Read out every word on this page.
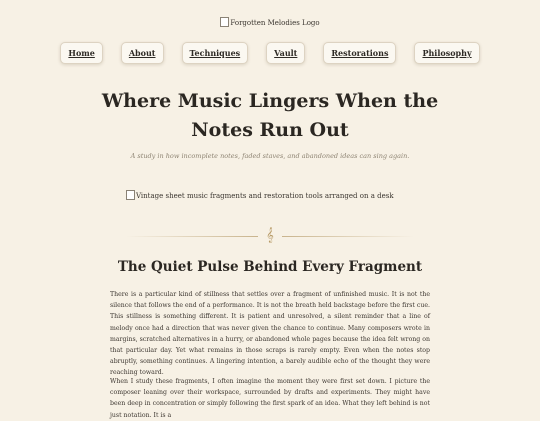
Forgotten Melodies Logo
Home	About	Techniques	Vault	Restorations	Philosophy
Where Music Lingers When the Notes Run Out
A study in how incomplete notes, faded staves, and abandoned ideas can sing again.
Vintage sheet music fragments and restoration tools arranged on a desk
𝄞
The Quiet Pulse Behind Every Fragment

There is a particular kind of stillness that settles over a fragment of unfinished music. It is not the silence that follows the end of a performance. It is not the breath held backstage before the first cue. This stillness is something different. It is patient and unresolved, a silent reminder that a line of melody once had a direction that was never given the chance to continue. Many composers wrote in margins, scratched alternatives in a hurry, or abandoned whole pages because the idea felt wrong on that particular day. Yet what remains in those scraps is rarely empty. Even when the notes stop abruptly, something continues. A lingering intention, a barely audible echo of the thought they were reaching toward.

When I study these fragments, I often imagine the moment they were first set down. I picture the composer leaning over their workspace, surrounded by drafts and experiments. They might have been deep in concentration or simply following the first spark of an idea. What they left behind is not just notation. It is a
